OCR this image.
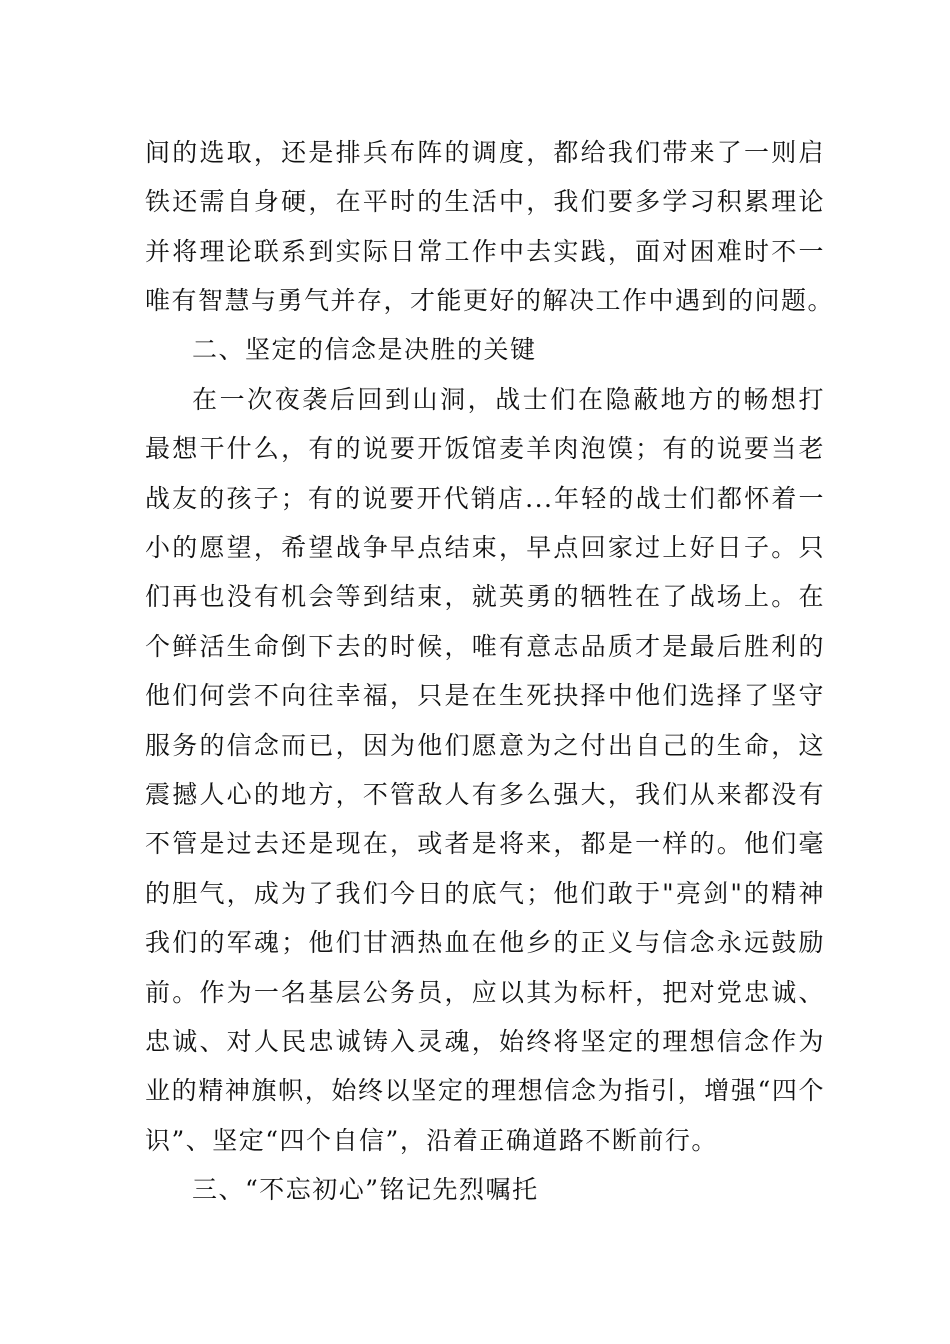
间的选取，还是排兵布阵的调度，都给我们带来了一则启
铁还需自身硬，在平时的生活中，我们要多学习积累理论
并将理论联系到实际日常工作中去实践，面对困难时不一
唯有智慧与勇气并存，才能更好的解决工作中遇到的问题。
二、坚定的信念是决胜的关键
在一次夜袭后回到山洞，战士们在隐蔽地方的畅想打
最想干什么，有的说要开饭馆麦羊肉泡馍；有的说要当老
战友的孩子；有的说要开代销店...年轻的战士们都怀着一
小的愿望，希望战争早点结束，早点回家过上好日子。只
们再也没有机会等到结束，就英勇的牺牲在了战场上。在
个鲜活生命倒下去的时候，唯有意志品质才是最后胜利的
他们何尝不向往幸福，只是在生死抉择中他们选择了坚守
服务的信念而已，因为他们愿意为之付出自己的生命，这
震撼人心的地方，不管敌人有多么强大，我们从来都没有
不管是过去还是现在，或者是将来，都是一样的。他们毫
的胆气，成为了我们今日的底气；他们敢于"亮剑"的精神
我们的军魂；他们甘洒热血在他乡的正义与信念永远鼓励
前。作为一名基层公务员，应以其为标杆，把对党忠诚、
忠诚、对人民忠诚铸入灵魂，始终将坚定的理想信念作为
业的精神旗帜，始终以坚定的理想信念为指引，增强“四个
识”、坚定“四个自信”，沿着正确道路不断前行。
三、“不忘初心”铭记先烈嘱托
